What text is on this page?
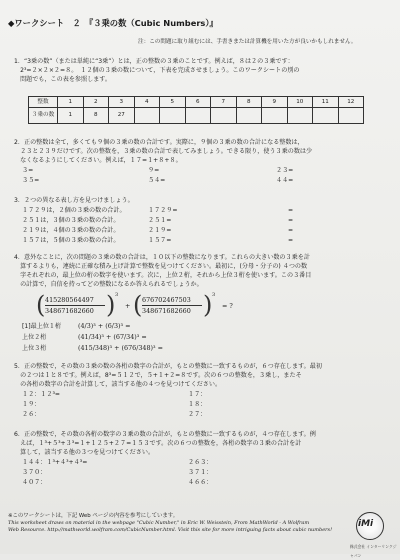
◆ワークシート　２　『３乗の数（Cubic Numbers）』
注：この問題に取り組むには、手書きまたは計算機を用いた方が良いかもしれません。
1．“3乗の数”（または単純に“3乗”）とは，正の整数の３乗のことです。例えば，８は２の３乗です：
　2³=２×２×２=８。　１２個の３乗の数について，下表を完成させましょう。このワークシートの別の
　問題でも，この表を参照します。
整数	1	2	3	4	5	6	7	8	9	10	11	12
３乗の数	1	8	27									
2．正の整数は全て，多くても９個の３乗の数の合計です。実際に，９個の３乗の数の合計になる整数は，
　２３と２３９だけです。次の整数を，３乗の数の合計で表してみましょう。できる限り，使う３乗の数は少
　なくなるようにしてください。例えば，１７=１+８+８。
３=	９=	２３=
３５=	５４=	４４=
3．２つの異なる表し方を見つけましょう。
１７２９は，２個の３乗の数の合計。	１７２９=	=
２５１は，３個の３乗の数の合計。	２５１=	=
２１９は，４個の３乗の数の合計。	２１９=	=
１５７は，５個の３乗の数の合計。	１５７=	=
4．意外なことに，次の問題の３乗の数の合計は，１０以下の整数になります。これらの大きい数の３乗を計
　算するよりも，連続に正確な積み上げ計算で整数を見つけてください。最初に，(分母・分子の) ４つの数
　字それぞれの，最上位の桁の数字を使います。次に，上位２桁，それから上位３桁を使います。この３番目
　の計算で，自信を持ってどの整数になるか答えられるでしょうか。
( 415280564497
348671682660 ) 3
+ ( 676702467503
348671682660 ) 3
= ?
[1]最上位１桁	(4/3)³ + (6/3)³ =
上位２桁	(41/34)³ + (67/34)³ =
上位３桁	(415/348)³ + (676/348)³ =
5．正の整数で，その数の３乗の数の各桁の数字の合計が，もとの整数に一致するものが，６つ存在します。最初
　の２つは１と８です。例えば，8³=５１２で，５+１+２=８です。次の６つの整数を，３乗し，またそ
　の各桁の数字の合計を計算して，該当する他の４つを見つけてください。
１２：１２³=	１７：
１９：	１８：
２６：	２７：
6．正の整数で，その数の各桁の数字の３乗の数の合計が，もとの整数に一致するものが，４つ存在します。例
　えば，１³+５³+３³=１+１２５+２７=１５３です。次の６つの整数を，各桁の数字の３乗の合計を計
　算して，該当する他の３つを見つけてください。
１４４：１³+４³+４³=	２６３：
３７０：	３７１：
４０７：	４６６：
※このワークシートは，下記 Web ページの内容を参考にしています。
This worksheet draws on material in the webpage "Cubic Number," in Eric W. Weisstein, From MathWorld - A Wolfram
Web Resource. http://mathworld.wolfram.com/CubicNumber.html. Visit this site for more intriguing facts about cubic numbers!
iMi
株式会社 インターリンクジャパン
